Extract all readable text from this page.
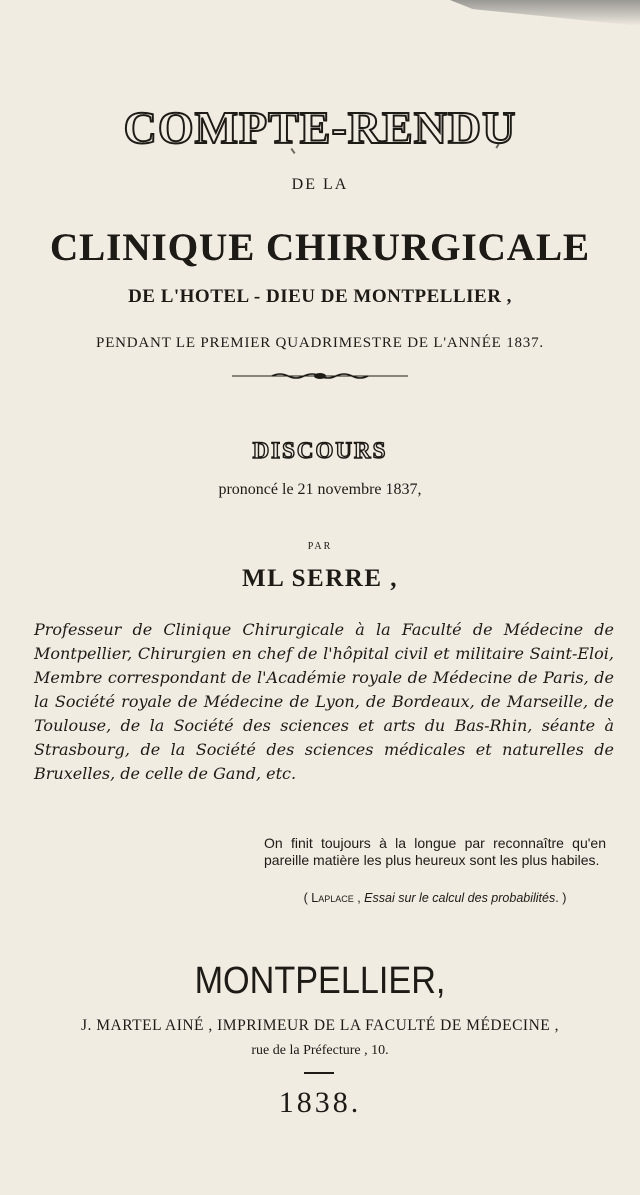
COMPTE-RENDU
DE LA
CLINIQUE CHIRURGICALE
DE L'HOTEL - DIEU DE MONTPELLIER ,
PENDANT LE PREMIER QUADRIMESTRE DE L'ANNÉE 1837.
DISCOURS
prononcé le 21 novembre 1837,
PAR
ML SERRE ,
Professeur de Clinique Chirurgicale à la Faculté de Médecine de Montpellier, Chirurgien en chef de l'hôpital civil et militaire Saint-Eloi, Membre correspondant de l'Académie royale de Médecine de Paris, de la Société royale de Médecine de Lyon, de Bordeaux, de Marseille, de Toulouse, de la Société des sciences et arts du Bas-Rhin, séante à Strasbourg, de la Société des sciences médicales et naturelles de Bruxelles, de celle de Gand, etc.
On finit toujours à la longue par reconnaître qu'en pareille matière les plus heureux sont les plus habiles.
( Laplace , Essai sur le calcul des probabilités. )
MONTPELLIER,
J. MARTEL AINÉ , IMPRIMEUR DE LA FACULTÉ DE MÉDECINE ,
rue de la Préfecture , 10.
1838.
